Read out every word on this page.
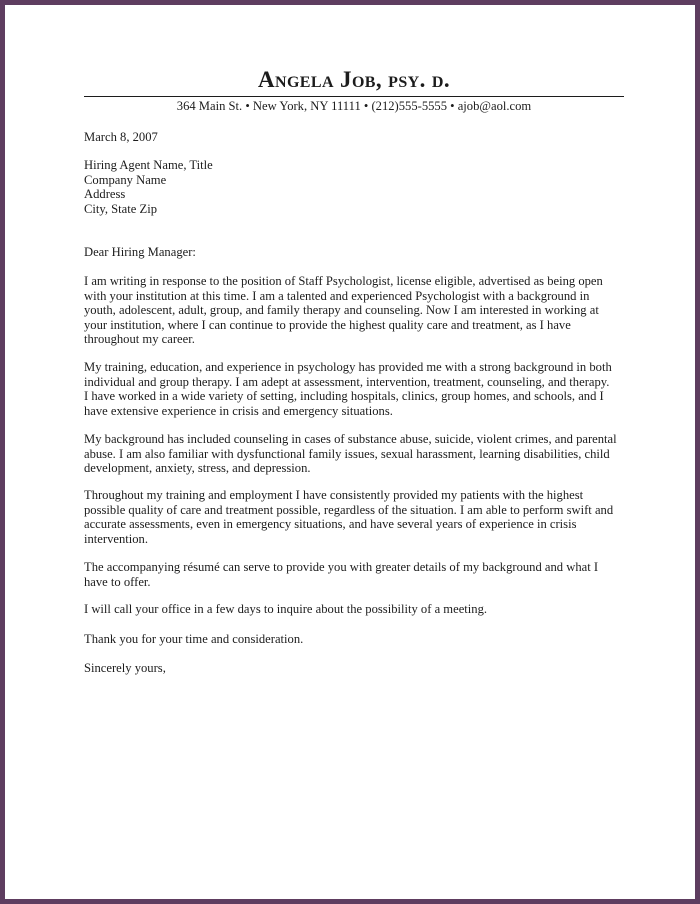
Angela Job, psy. d.
364 Main St. • New York, NY 11111 • (212)555-5555 • ajob@aol.com
March 8, 2007
Hiring Agent Name, Title
Company Name
Address
City, State Zip
Dear Hiring Manager:
I am writing in response to the position of Staff Psychologist, license eligible, advertised as being open
with your institution at this time. I am a talented and experienced Psychologist with a background in
youth, adolescent, adult, group, and family therapy and counseling. Now I am interested in working at
your institution, where I can continue to provide the highest quality care and treatment, as I have
throughout my career.
My training, education, and experience in psychology has provided me with a strong background in both
individual and group therapy. I am adept at assessment, intervention, treatment, counseling, and therapy.
I have worked in a wide variety of setting, including hospitals, clinics, group homes, and schools, and I
have extensive experience in crisis and emergency situations.
My background has included counseling in cases of substance abuse, suicide, violent crimes, and parental
abuse. I am also familiar with dysfunctional family issues, sexual harassment, learning disabilities, child
development, anxiety, stress, and depression.
Throughout my training and employment I have consistently provided my patients with the highest
possible quality of care and treatment possible, regardless of the situation. I am able to perform swift and
accurate assessments, even in emergency situations, and have several years of experience in crisis
intervention.
The accompanying résumé can serve to provide you with greater details of my background and what I
have to offer.
I will call your office in a few days to inquire about the possibility of a meeting.
Thank you for your time and consideration.
Sincerely yours,
